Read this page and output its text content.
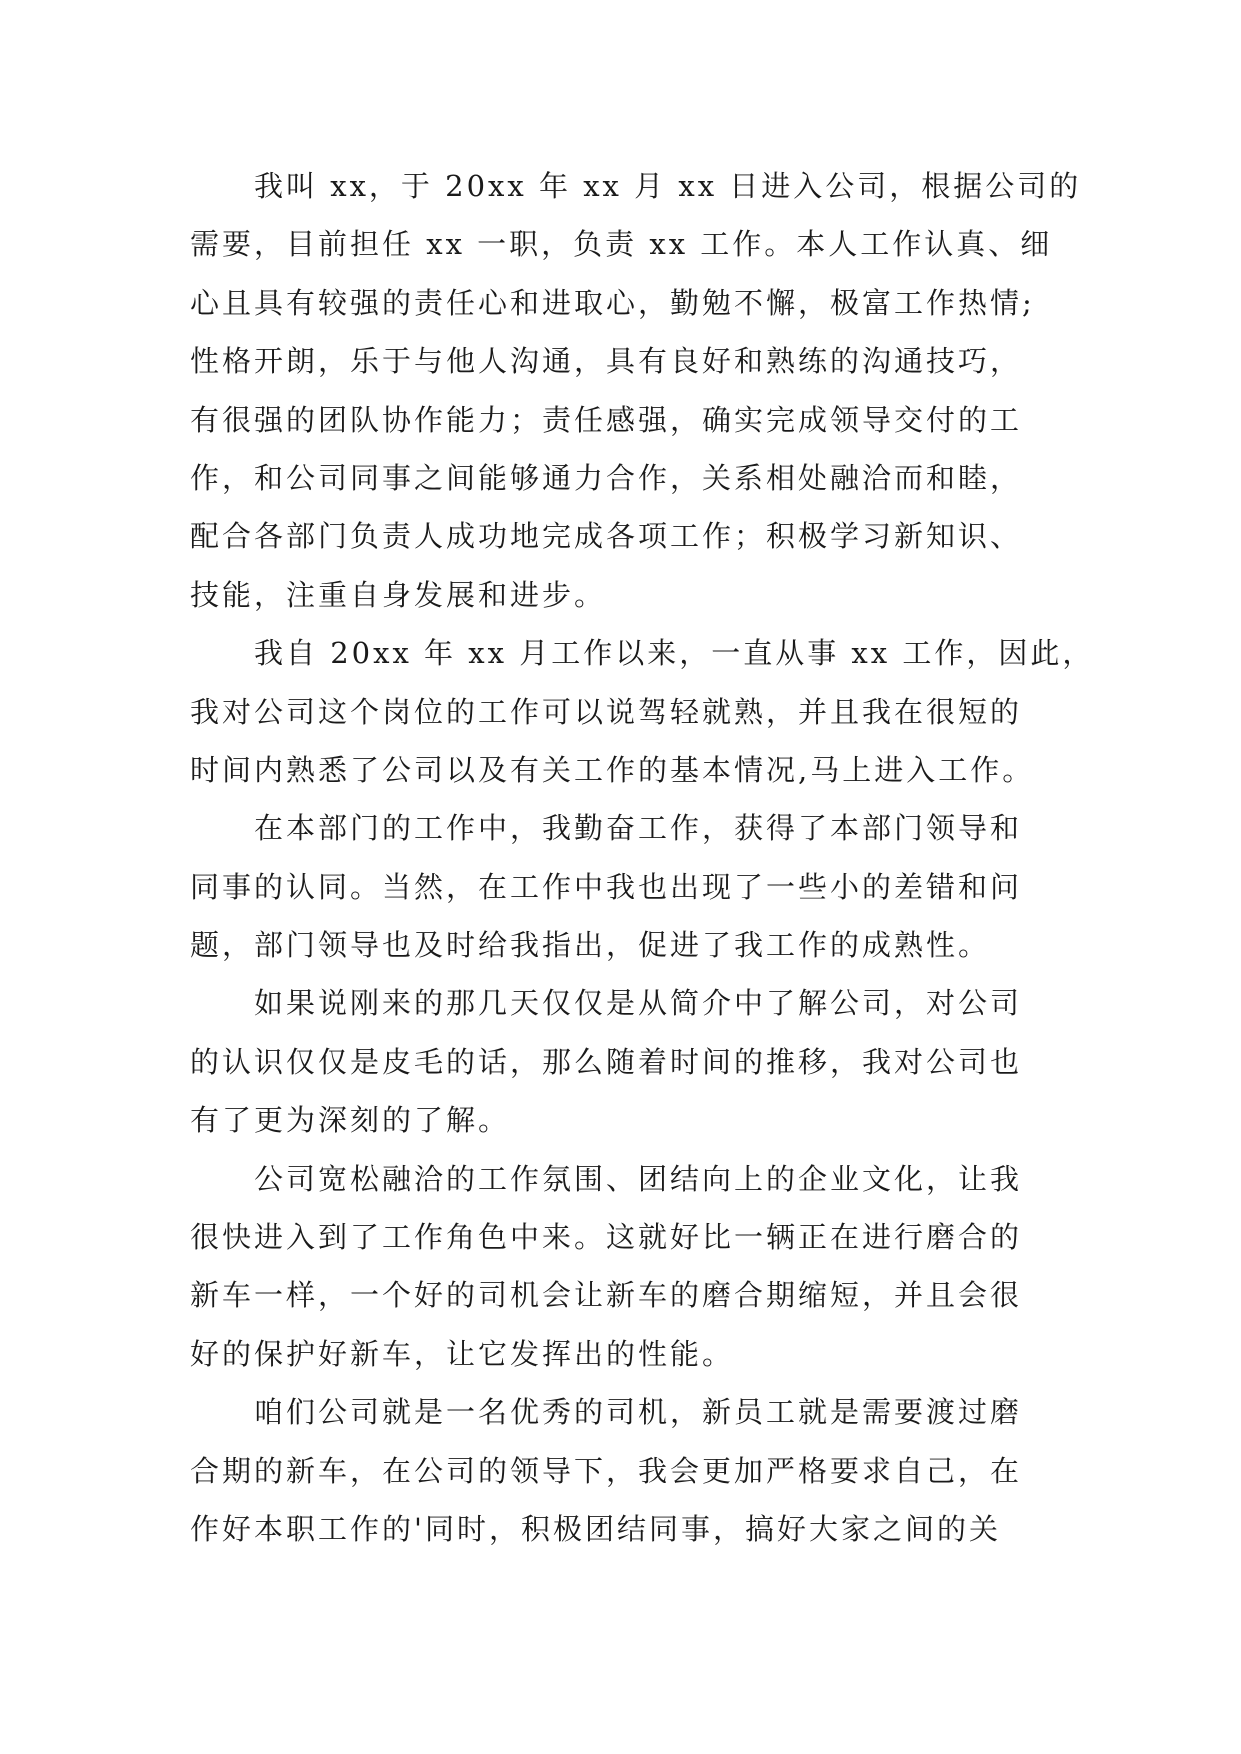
我叫 xx，于 20xx 年 xx 月 xx 日进入公司，根据公司的
需要，目前担任 xx 一职，负责 xx 工作。本人工作认真、细
心且具有较强的责任心和进取心，勤勉不懈，极富工作热情;
性格开朗，乐于与他人沟通，具有良好和熟练的沟通技巧，
有很强的团队协作能力；责任感强，确实完成领导交付的工
作，和公司同事之间能够通力合作，关系相处融洽而和睦，
配合各部门负责人成功地完成各项工作；积极学习新知识、
技能，注重自身发展和进步。
我自 20xx 年 xx 月工作以来，一直从事 xx 工作，因此，
我对公司这个岗位的工作可以说驾轻就熟，并且我在很短的
时间内熟悉了公司以及有关工作的基本情况,马上进入工作。
在本部门的工作中，我勤奋工作，获得了本部门领导和
同事的认同。当然，在工作中我也出现了一些小的差错和问
题，部门领导也及时给我指出，促进了我工作的成熟性。
如果说刚来的那几天仅仅是从简介中了解公司，对公司
的认识仅仅是皮毛的话，那么随着时间的推移，我对公司也
有了更为深刻的了解。
公司宽松融洽的工作氛围、团结向上的企业文化，让我
很快进入到了工作角色中来。这就好比一辆正在进行磨合的
新车一样，一个好的司机会让新车的磨合期缩短，并且会很
好的保护好新车，让它发挥出的性能。
咱们公司就是一名优秀的司机，新员工就是需要渡过磨
合期的新车，在公司的领导下，我会更加严格要求自己，在
作好本职工作的'同时，积极团结同事，搞好大家之间的关
